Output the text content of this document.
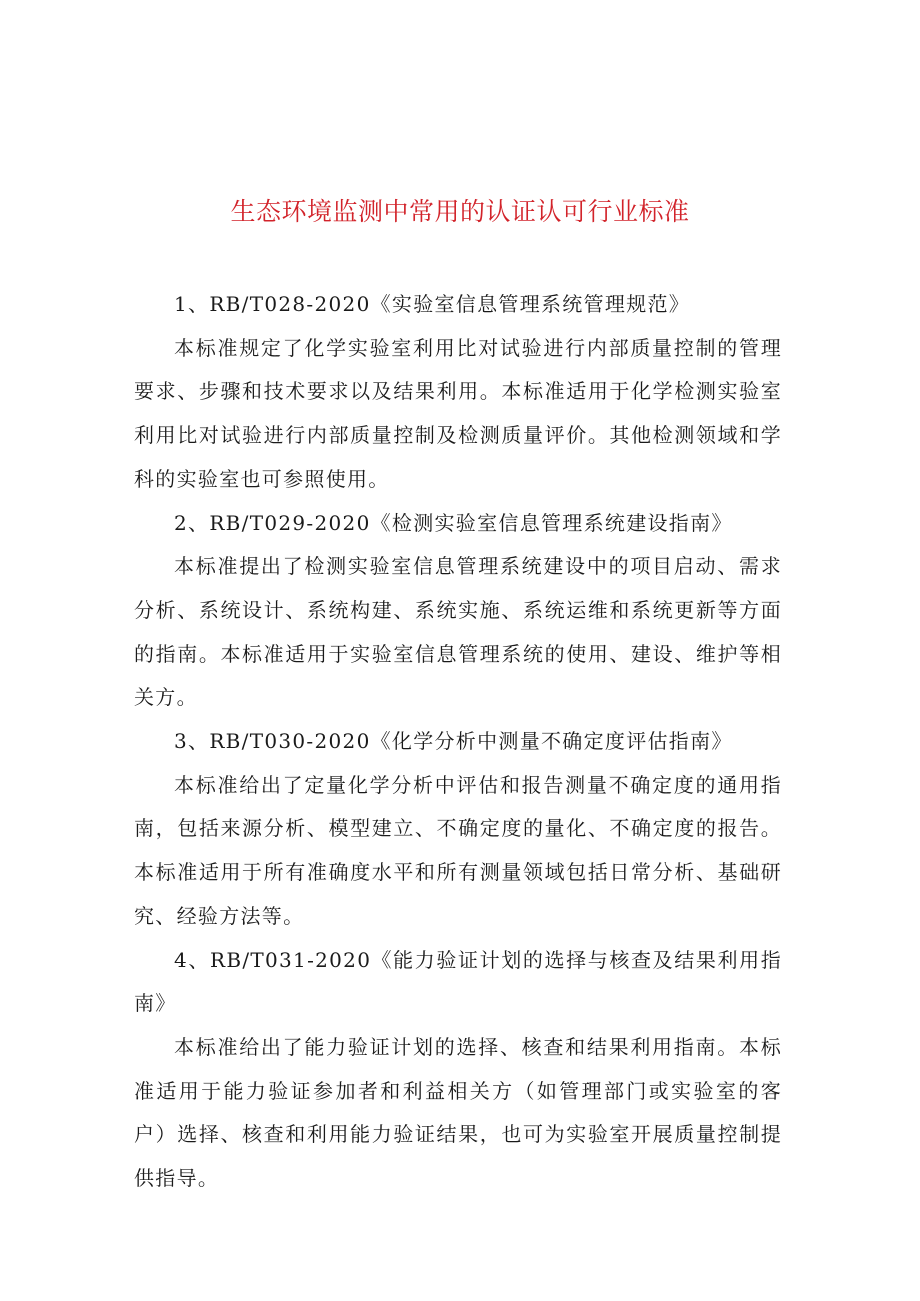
生态环境监测中常用的认证认可行业标准

1、RB/T028-2020《实验室信息管理系统管理规范》

本标准规定了化学实验室利用比对试验进行内部质量控制的管理要求、步骤和技术要求以及结果利用。本标准适用于化学检测实验室利用比对试验进行内部质量控制及检测质量评价。其他检测领域和学科的实验室也可参照使用。

2、RB/T029-2020《检测实验室信息管理系统建设指南》

本标准提出了检测实验室信息管理系统建设中的项目启动、需求分析、系统设计、系统构建、系统实施、系统运维和系统更新等方面的指南。本标准适用于实验室信息管理系统的使用、建设、维护等相关方。

3、RB/T030-2020《化学分析中测量不确定度评估指南》

本标准给出了定量化学分析中评估和报告测量不确定度的通用指南，包括来源分析、模型建立、不确定度的量化、不确定度的报告。本标准适用于所有准确度水平和所有测量领域包括日常分析、基础研究、经验方法等。

4、RB/T031-2020《能力验证计划的选择与核查及结果利用指南》

本标准给出了能力验证计划的选择、核查和结果利用指南。本标准适用于能力验证参加者和利益相关方（如管理部门或实验室的客户）选择、核查和利用能力验证结果，也可为实验室开展质量控制提供指导。
